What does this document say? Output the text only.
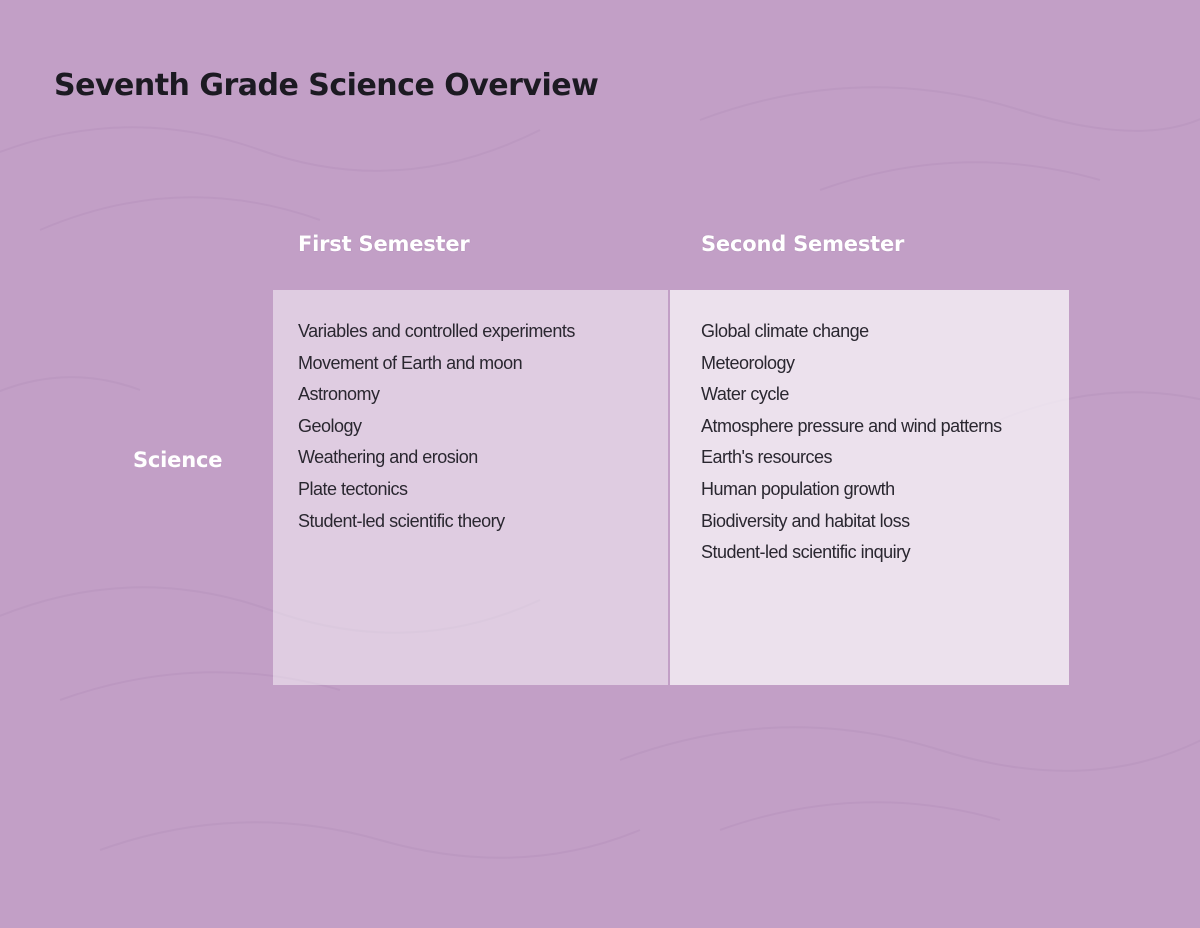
Seventh Grade Science Overview
First Semester	Second Semester
Science
Variables and controlled experiments
Movement of Earth and moon
Astronomy
Geology
Weathering and erosion
Plate tectonics
Student-led scientific theory
Global climate change
Meteorology
Water cycle
Atmosphere pressure and wind patterns
Earth's resources
Human population growth
Biodiversity and habitat loss
Student-led scientific inquiry
